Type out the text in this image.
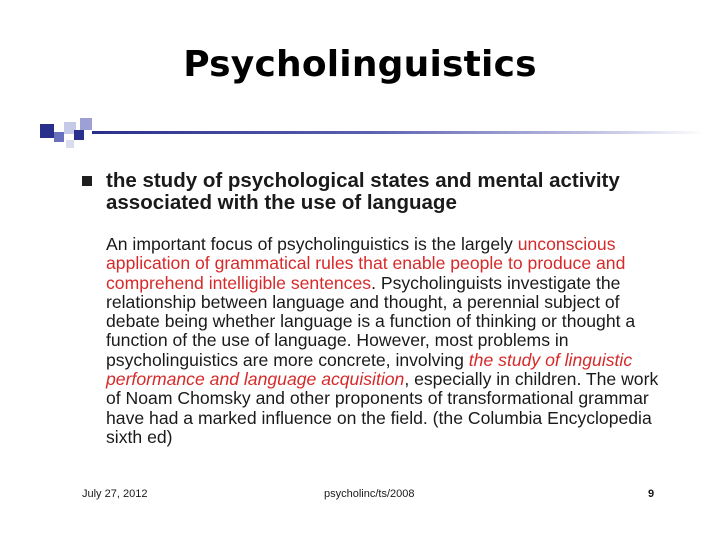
Psycholinguistics
the study of psychological states and mental activity associated with the use of language
An important focus of psycholinguistics is the largely unconscious application of grammatical rules that enable people to produce and comprehend intelligible sentences. Psycholinguists investigate the relationship between language and thought, a perennial subject of debate being whether language is a function of thinking or thought a function of the use of language. However, most problems in psycholinguistics are more concrete, involving the study of linguistic performance and language acquisition, especially in children. The work of Noam Chomsky and other proponents of transformational grammar have had a marked influence on the field. (the Columbia Encyclopedia sixth ed)
July 27, 2012	psycholinc/ts/2008	9
